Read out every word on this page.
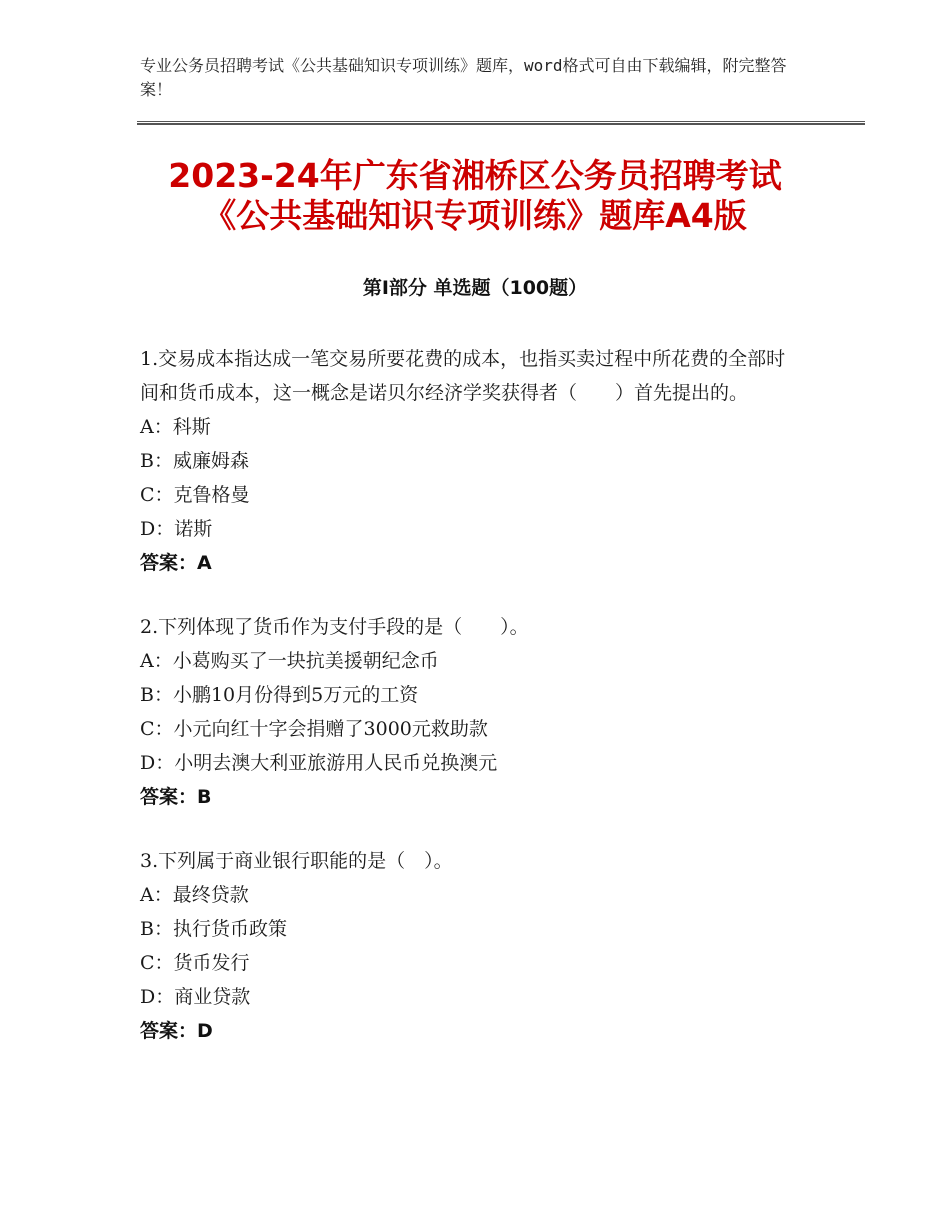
专业公务员招聘考试《公共基础知识专项训练》题库，word格式可自由下载编辑，附完整答案！
2023-24年广东省湘桥区公务员招聘考试
《公共基础知识专项训练》题库A4版
第Ⅰ部分 单选题（100题）

1.交易成本指达成一笔交易所要花费的成本，也指买卖过程中所花费的全部时间和货币成本，这一概念是诺贝尔经济学奖获得者（　　）首先提出的。

A：科斯

B：威廉姆森

C：克鲁格曼

D：诺斯

答案：A

2.下列体现了货币作为支付手段的是（　　）。

A：小葛购买了一块抗美援朝纪念币

B：小鹏10月份得到5万元的工资

C：小元向红十字会捐赠了3000元救助款

D：小明去澳大利亚旅游用人民币兑换澳元

答案：B

3.下列属于商业银行职能的是（　）。

A：最终贷款

B：执行货币政策

C：货币发行

D：商业贷款

答案：D
